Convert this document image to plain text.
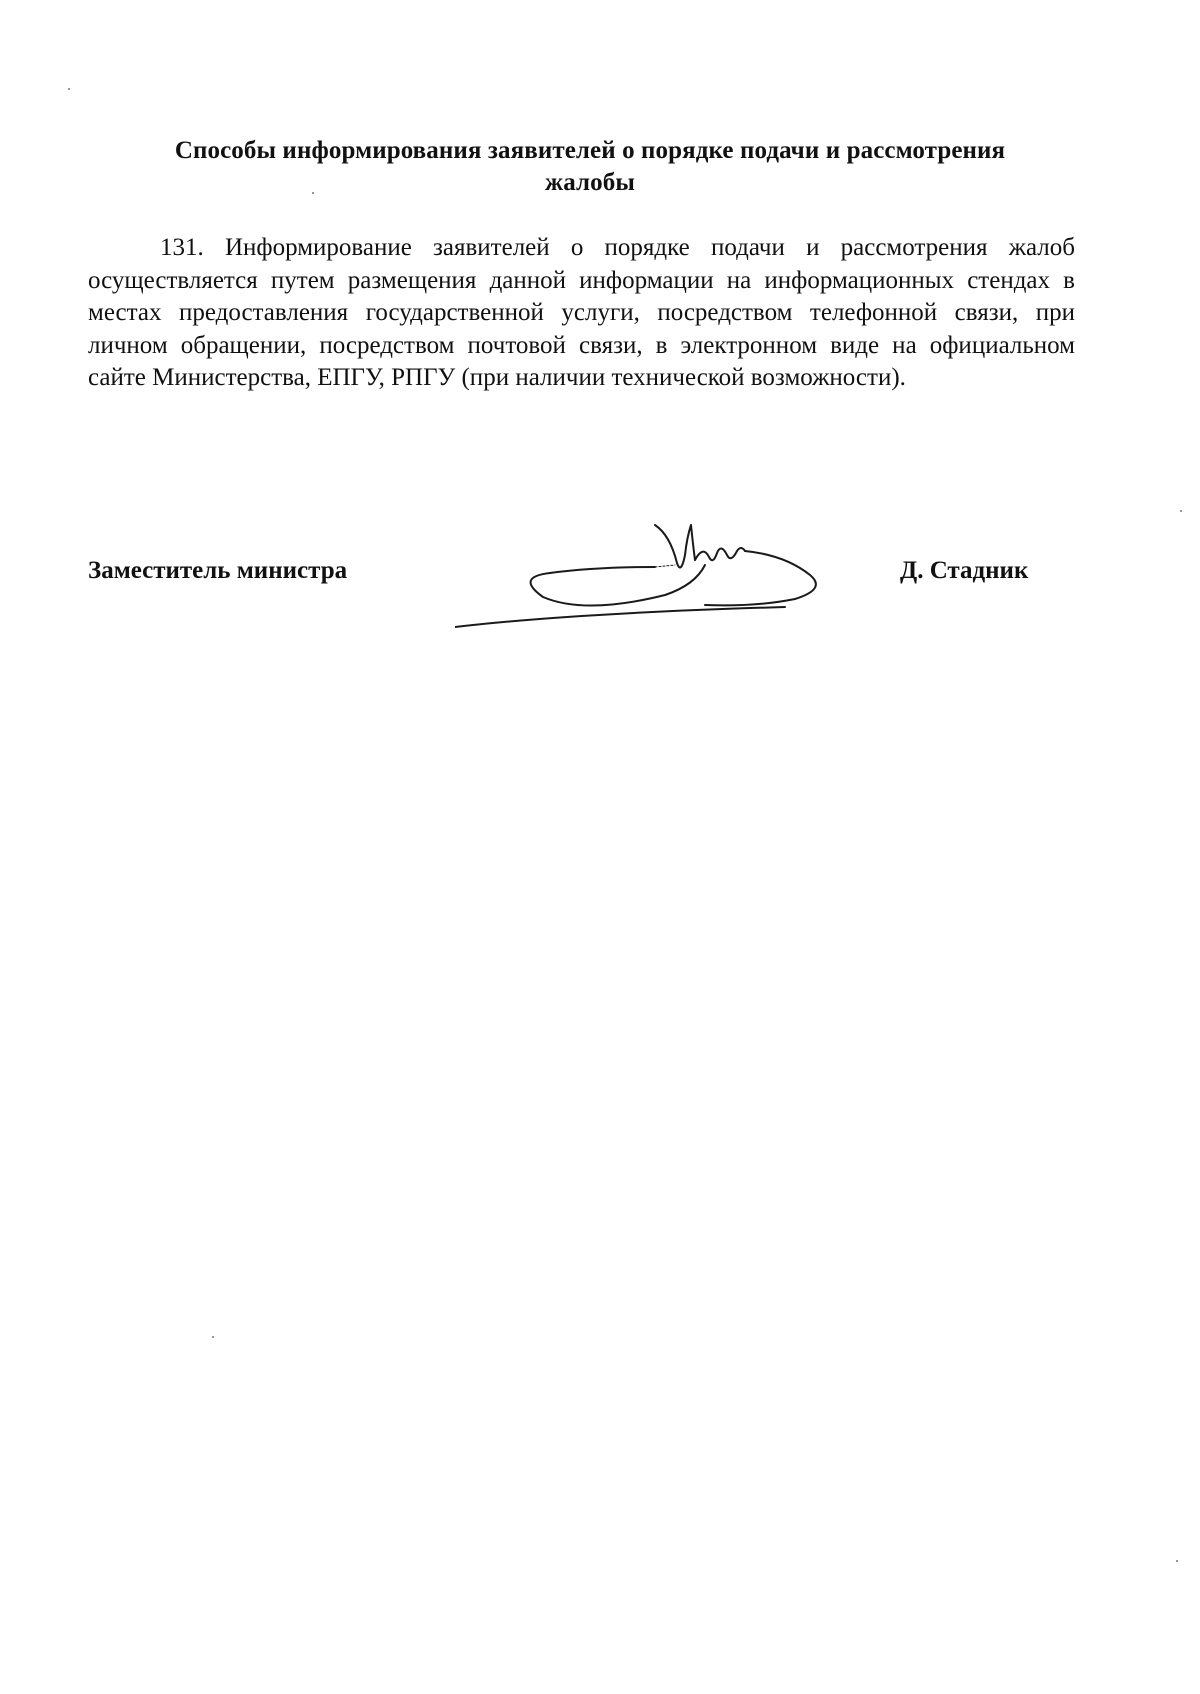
Способы информирования заявителей о порядке подачи и рассмотрения
жалобы

131. Информирование заявителей о порядке подачи и рассмотрения жалоб осуществляется путем размещения данной информации на информационных стендах в местах предоставления государственной услуги, посредством телефонной связи, при личном обращении, посредством почтовой связи, в электронном виде на официальном сайте Министерства, ЕПГУ, РПГУ (при наличии технической возможности).

Заместитель министра	Д. Стадник
